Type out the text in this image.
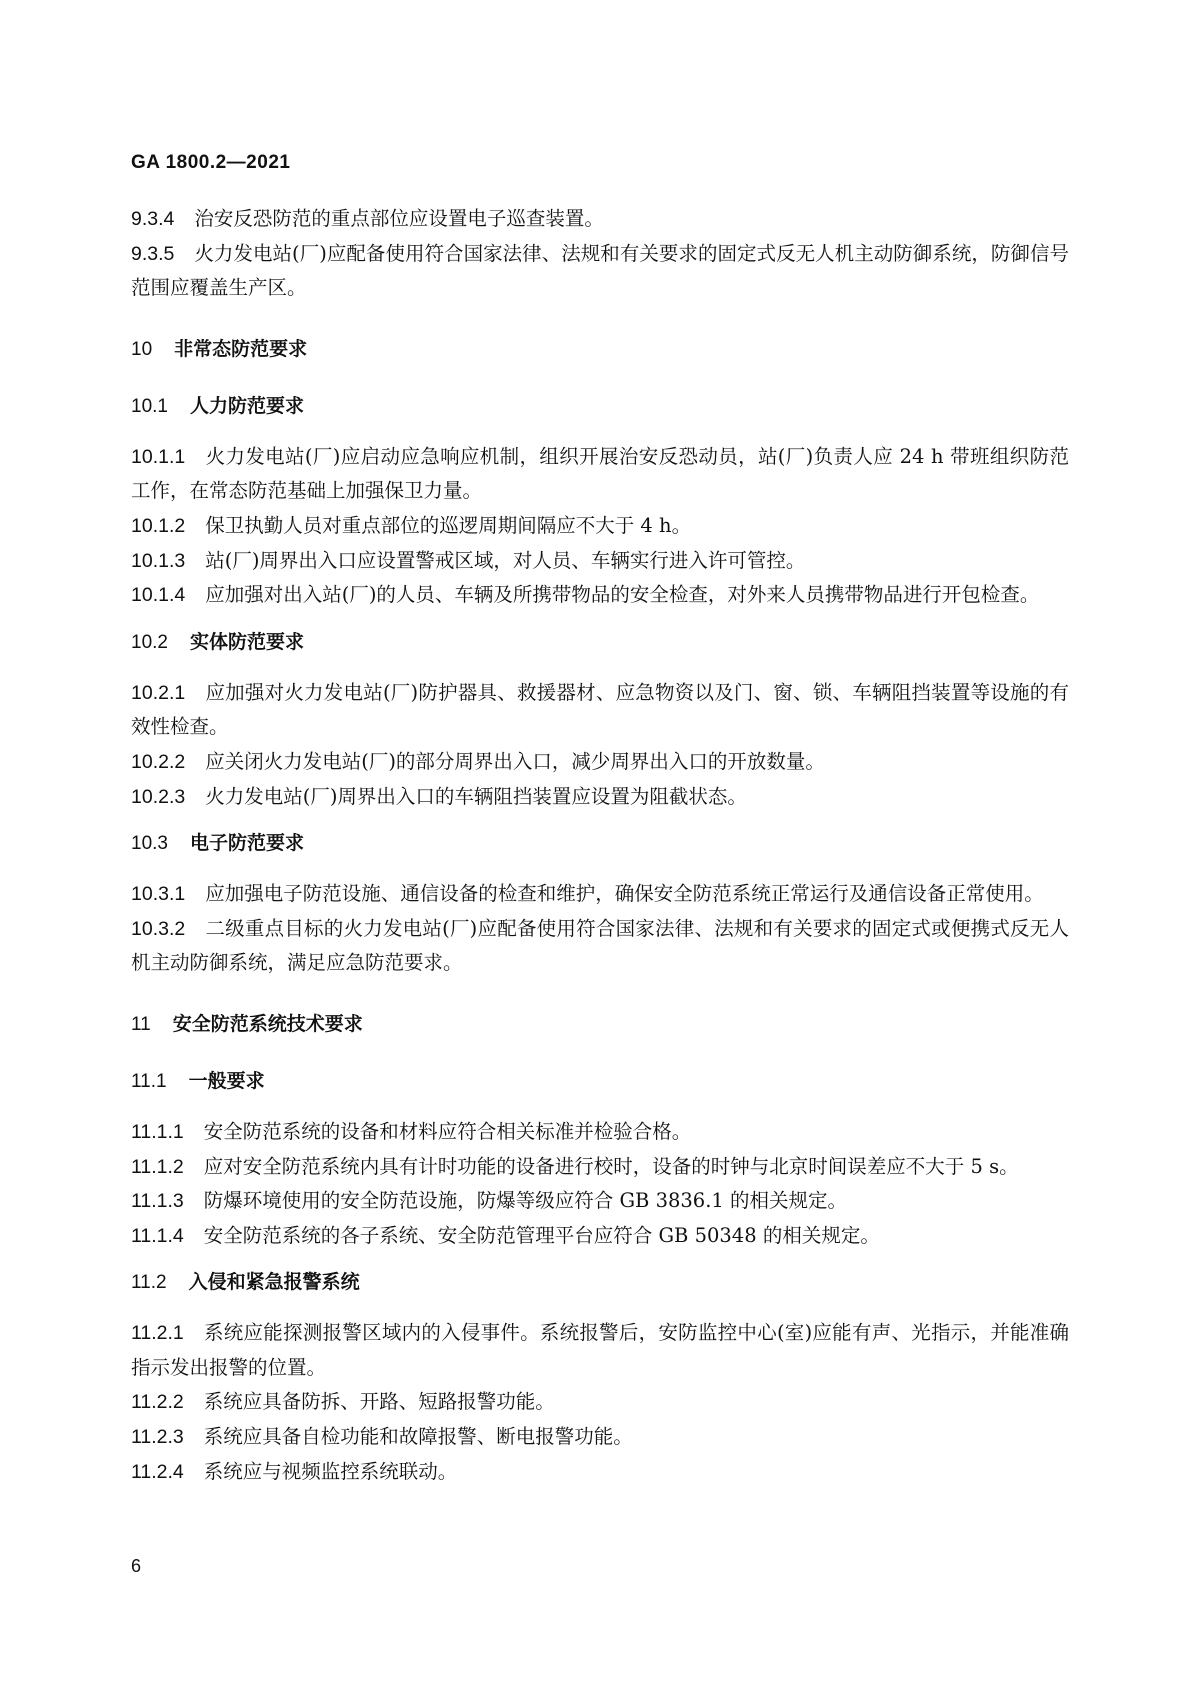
GA 1800.2—2021

9.3.4 治安反恐防范的重点部位应设置电子巡查装置。

9.3.5 火力发电站(厂)应配备使用符合国家法律、法规和有关要求的固定式反无人机主动防御系统，防御信号范围应覆盖生产区。

10 非常态防范要求
10.1 人力防范要求

10.1.1 火力发电站(厂)应启动应急响应机制，组织开展治安反恐动员，站(厂)负责人应 24 h 带班组织防范工作，在常态防范基础上加强保卫力量。

10.1.2 保卫执勤人员对重点部位的巡逻周期间隔应不大于 4 h。

10.1.3 站(厂)周界出入口应设置警戒区域，对人员、车辆实行进入许可管控。

10.1.4 应加强对出入站(厂)的人员、车辆及所携带物品的安全检查，对外来人员携带物品进行开包检查。

10.2 实体防范要求

10.2.1 应加强对火力发电站(厂)防护器具、救援器材、应急物资以及门、窗、锁、车辆阻挡装置等设施的有效性检查。

10.2.2 应关闭火力发电站(厂)的部分周界出入口，减少周界出入口的开放数量。

10.2.3 火力发电站(厂)周界出入口的车辆阻挡装置应设置为阻截状态。

10.3 电子防范要求

10.3.1 应加强电子防范设施、通信设备的检查和维护，确保安全防范系统正常运行及通信设备正常使用。

10.3.2 二级重点目标的火力发电站(厂)应配备使用符合国家法律、法规和有关要求的固定式或便携式反无人机主动防御系统，满足应急防范要求。

11 安全防范系统技术要求
11.1 一般要求

11.1.1 安全防范系统的设备和材料应符合相关标准并检验合格。

11.1.2 应对安全防范系统内具有计时功能的设备进行校时，设备的时钟与北京时间误差应不大于 5 s。

11.1.3 防爆环境使用的安全防范设施，防爆等级应符合 GB 3836.1 的相关规定。

11.1.4 安全防范系统的各子系统、安全防范管理平台应符合 GB 50348 的相关规定。

11.2 入侵和紧急报警系统

11.2.1 系统应能探测报警区域内的入侵事件。系统报警后，安防监控中心(室)应能有声、光指示，并能准确指示发出报警的位置。

11.2.2 系统应具备防拆、开路、短路报警功能。

11.2.3 系统应具备自检功能和故障报警、断电报警功能。

11.2.4 系统应与视频监控系统联动。

6
